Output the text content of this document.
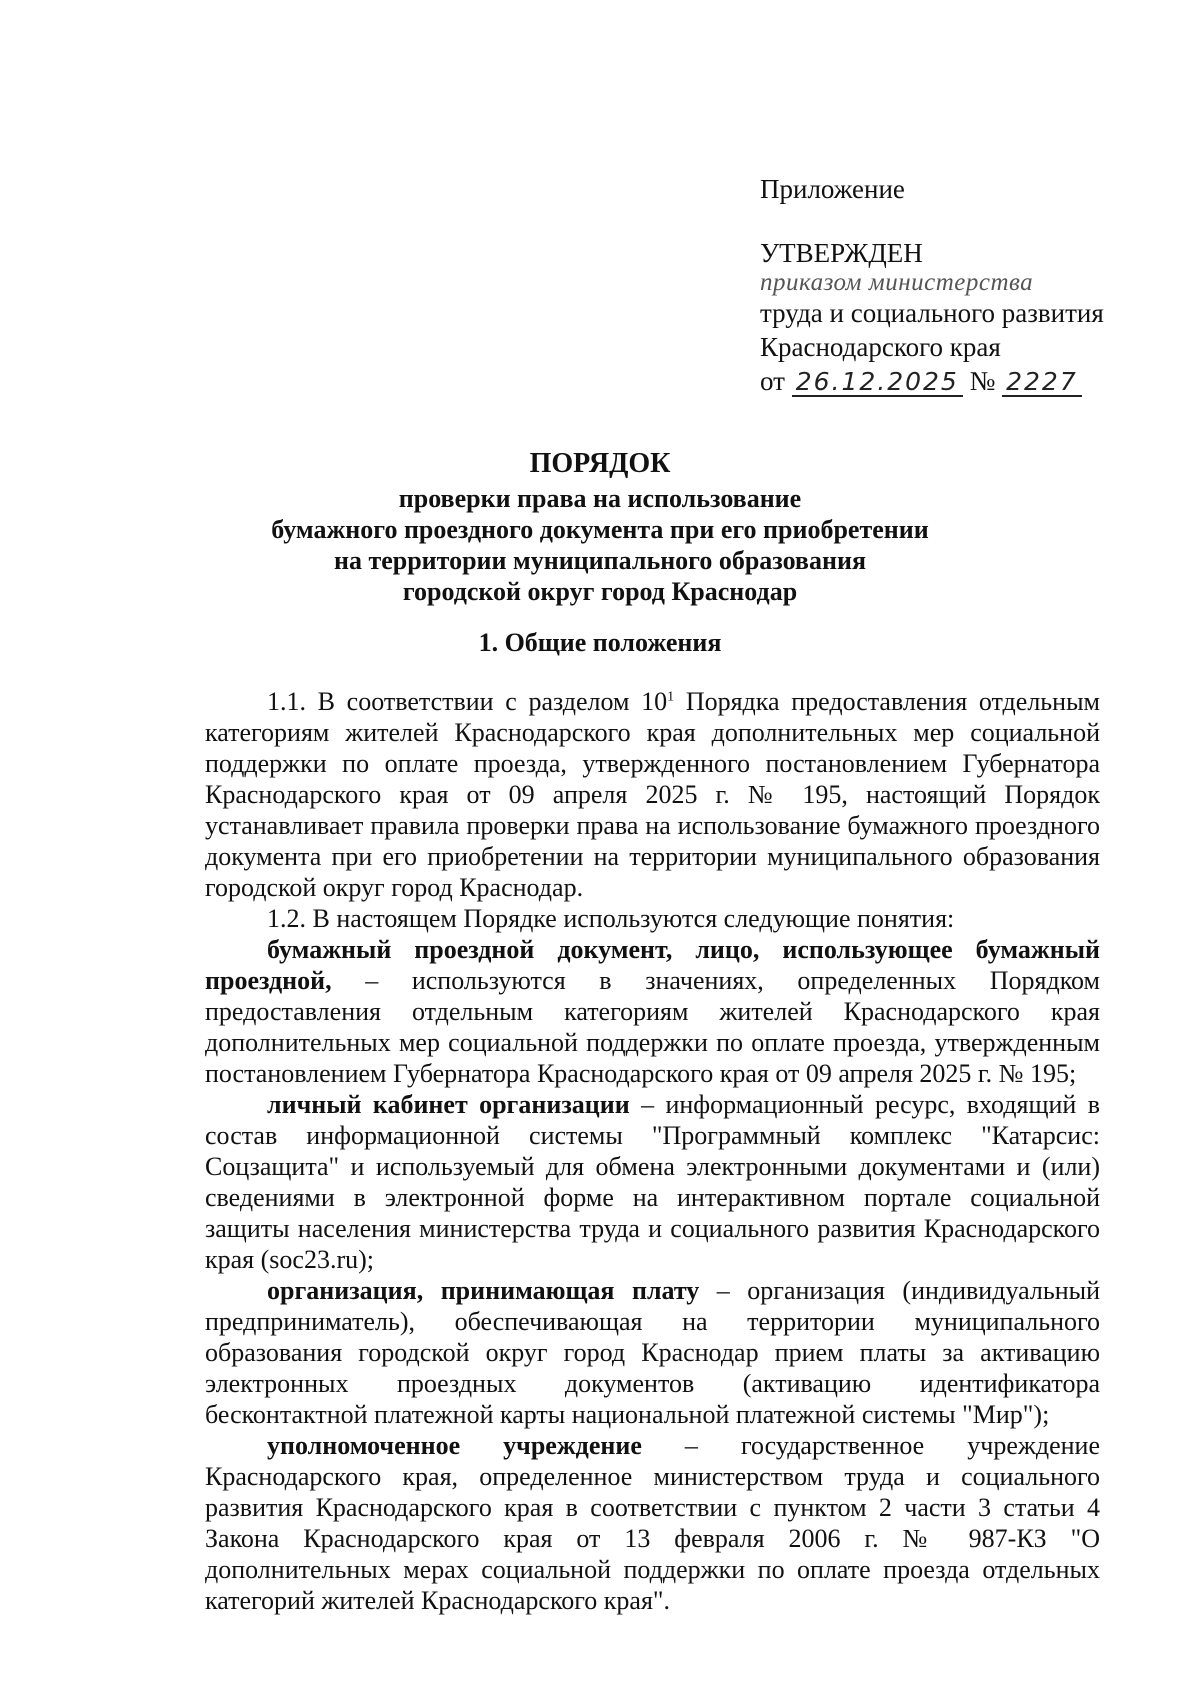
Приложение
УТВЕРЖДЕН
приказом министерства
труда и социального развития
Краснодарского края
от 26.12.2025 № 2227
ПОРЯДОК
проверки права на использование
бумажного проездного документа при его приобретении
на территории муниципального образования
городской округ город Краснодар
1. Общие положения

1.1. В соответствии с разделом $10^1$ Порядка предоставления отдельным категориям жителей Краснодарского края дополнительных мер социальной поддержки по оплате проезда, утвержденного постановлением Губернатора Краснодарского края от 09 апреля 2025 г. № 195, настоящий Порядок устанавливает правила проверки права на использование бумажного проездного документа при его приобретении на территории муниципального образования городской округ город Краснодар.

1.2. В настоящем Порядке используются следующие понятия:

бумажный проездной документ, лицо, использующее бумажный проездной, – используются в значениях, определенных Порядком предоставления отдельным категориям жителей Краснодарского края дополнительных мер социальной поддержки по оплате проезда, утвержденным постановлением Губернатора Краснодарского края от 09 апреля 2025 г. № 195;

личный кабинет организации – информационный ресурс, входящий в состав информационной системы "Программный комплекс "Катарсис: Соцзащита" и используемый для обмена электронными документами и (или) сведениями в электронной форме на интерактивном портале социальной защиты населения министерства труда и социального развития Краснодарского края (soc23.ru);

организация, принимающая плату – организация (индивидуальный предприниматель), обеспечивающая на территории муниципального образования городской округ город Краснодар прием платы за активацию электронных проездных документов (активацию идентификатора бесконтактной платежной карты национальной платежной системы "Мир");

уполномоченное учреждение – государственное учреждение Краснодарского края, определенное министерством труда и социального развития Краснодарского края в соответствии с пунктом 2 части 3 статьи 4 Закона Краснодарского края от 13 февраля 2006 г. № 987-КЗ "О дополнительных мерах социальной поддержки по оплате проезда отдельных категорий жителей Краснодарского края".
